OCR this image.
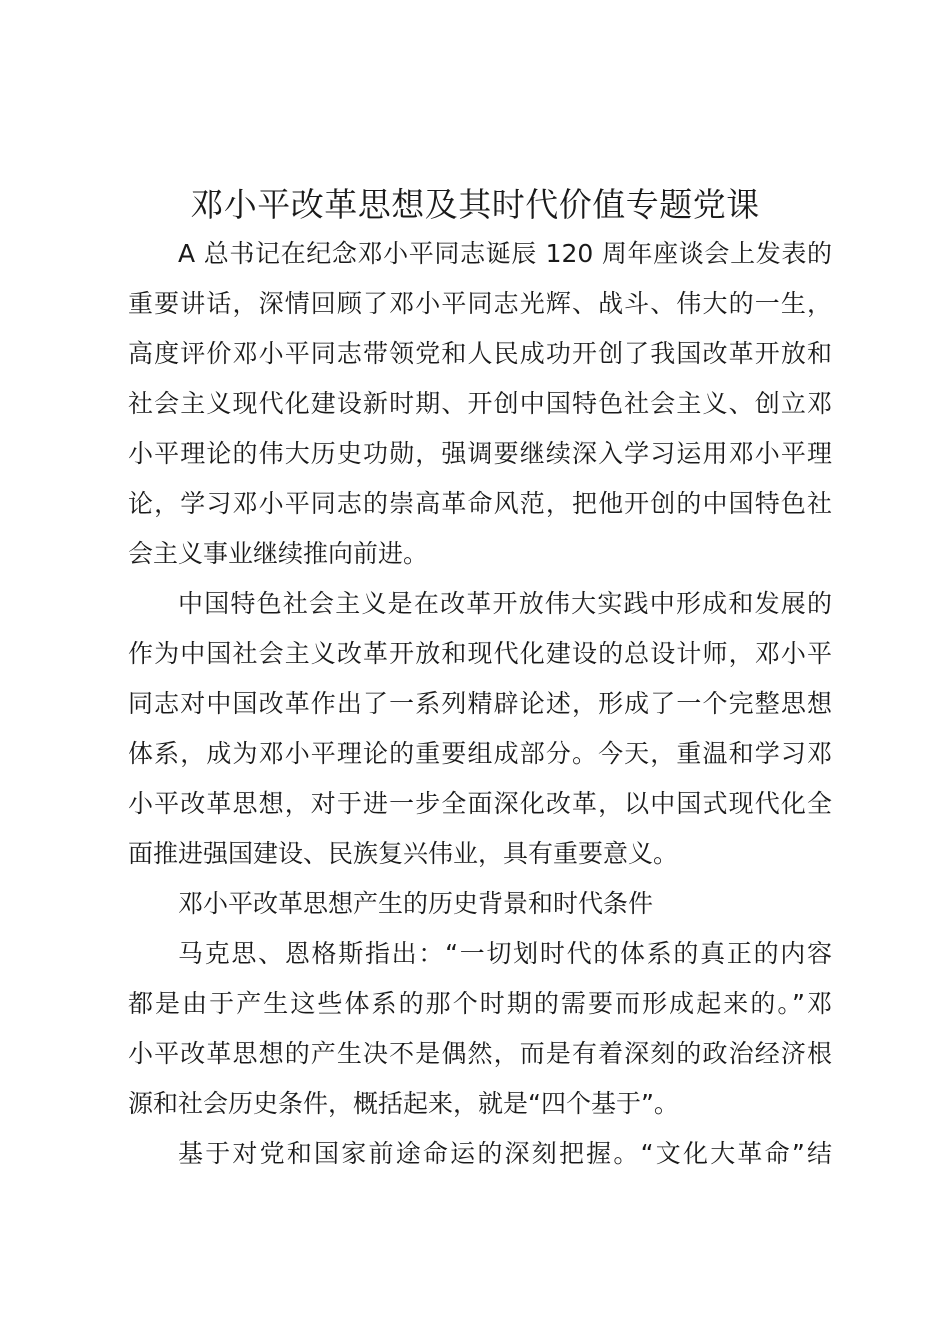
邓小平改革思想及其时代价值专题党课
A 总书记在纪念邓小平同志诞辰 120 周年座谈会上发表的
重要讲话，深情回顾了邓小平同志光辉、战斗、伟大的一生，
高度评价邓小平同志带领党和人民成功开创了我国改革开放和
社会主义现代化建设新时期、开创中国特色社会主义、创立邓
小平理论的伟大历史功勋，强调要继续深入学习运用邓小平理
论，学习邓小平同志的崇高革命风范，把他开创的中国特色社
会主义事业继续推向前进。
中国特色社会主义是在改革开放伟大实践中形成和发展的
作为中国社会主义改革开放和现代化建设的总设计师，邓小平
同志对中国改革作出了一系列精辟论述，形成了一个完整思想
体系，成为邓小平理论的重要组成部分。今天，重温和学习邓
小平改革思想，对于进一步全面深化改革，以中国式现代化全
面推进强国建设、民族复兴伟业，具有重要意义。
邓小平改革思想产生的历史背景和时代条件
马克思、恩格斯指出：“一切划时代的体系的真正的内容
都是由于产生这些体系的那个时期的需要而形成起来的。”邓
小平改革思想的产生决不是偶然，而是有着深刻的政治经济根
源和社会历史条件，概括起来，就是“四个基于”。
基于对党和国家前途命运的深刻把握。“文化大革命”结
